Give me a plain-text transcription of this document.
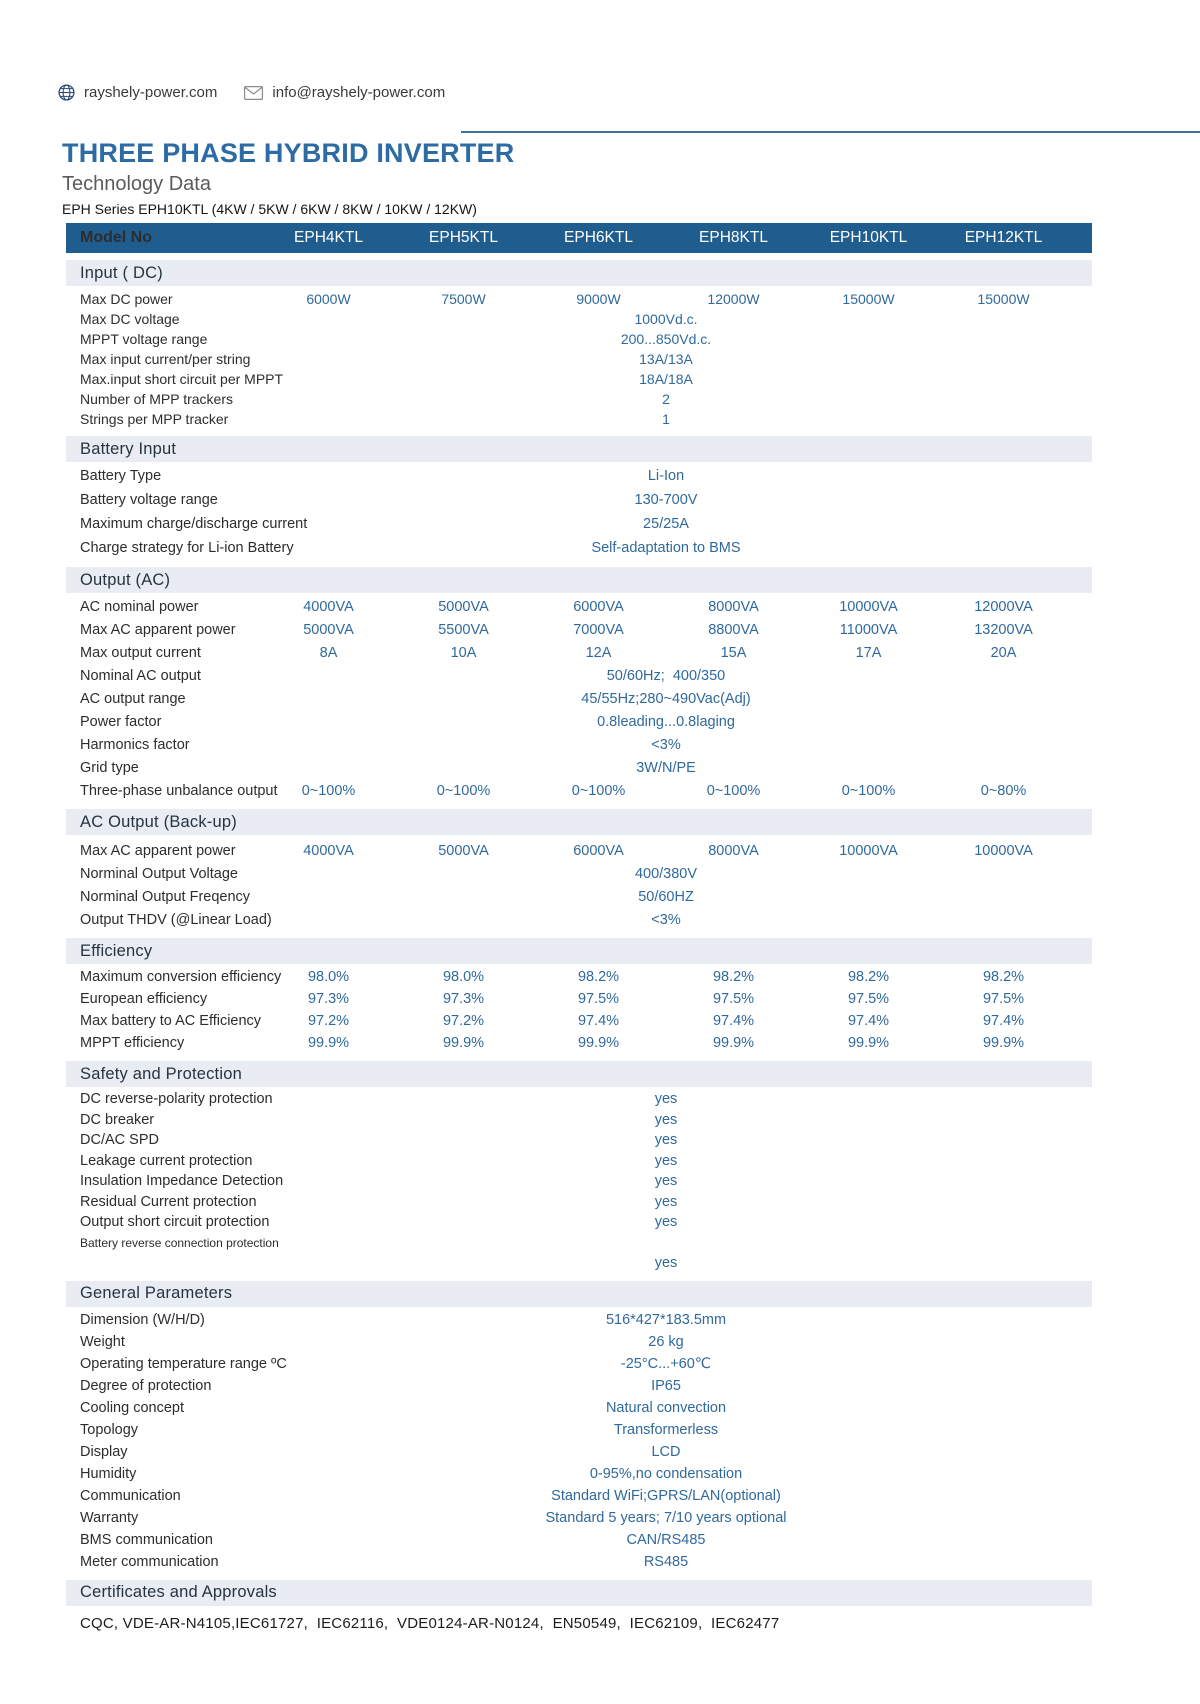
rayshely-power.com	info@rayshely-power.com
THREE PHASE HYBRID INVERTER
Technology Data
EPH Series EPH10KTL (4KW / 5KW / 6KW / 8KW / 10KW / 12KW)
Model No	EPH4KTL	EPH5KTL	EPH6KTL	EPH8KTL	EPH10KTL	EPH12KTL
Input ( DC)
Max DC power	6000W	7500W	9000W	12000W	15000W	15000W
Max DC voltage	1000Vd.c.
MPPT voltage range	200...850Vd.c.
Max input current/per string	13A/13A
Max.input short circuit per MPPT	18A/18A
Number of MPP trackers	2
Strings per MPP tracker	1
Battery Input
Battery Type	Li-Ion
Battery voltage range	130-700V
Maximum charge/discharge current	25/25A
Charge strategy for Li-ion Battery	Self-adaptation to BMS
Output (AC)
AC nominal power	4000VA	5000VA	6000VA	8000VA	10000VA	12000VA
Max AC apparent power	5000VA	5500VA	7000VA	8800VA	11000VA	13200VA
Max output current	8A	10A	12A	15A	17A	20A
Nominal AC output	50/60Hz;  400/350
AC output range	45/55Hz;280~490Vac(Adj)
Power factor	0.8leading...0.8laging
Harmonics factor	<3%
Grid type	3W/N/PE
Three-phase unbalance output	0~100%	0~100%	0~100%	0~100%	0~100%	0~80%
AC Output (Back-up)
Max AC apparent power	4000VA	5000VA	6000VA	8000VA	10000VA	10000VA
Norminal Output Voltage	400/380V
Norminal Output Freqency	50/60HZ
Output THDV (@Linear Load)	<3%
Efficiency
Maximum conversion efficiency	98.0%	98.0%	98.2%	98.2%	98.2%	98.2%
European efficiency	97.3%	97.3%	97.5%	97.5%	97.5%	97.5%
Max battery to AC Efficiency	97.2%	97.2%	97.4%	97.4%	97.4%	97.4%
MPPT efficiency	99.9%	99.9%	99.9%	99.9%	99.9%	99.9%
Safety and Protection
DC reverse-polarity protection	yes
DC breaker	yes
DC/AC SPD	yes
Leakage current protection	yes
Insulation Impedance Detection	yes
Residual Current protection	yes
Output short circuit protection	yes
Battery reverse connection protection
yes
General Parameters
Dimension (W/H/D)	516*427*183.5mm
Weight	26 kg
Operating temperature range ºC	-25°C...+60℃
Degree of protection	IP65
Cooling concept	Natural convection
Topology	Transformerless
Display	LCD
Humidity	0-95%,no condensation
Communication	Standard WiFi;GPRS/LAN(optional)
Warranty	Standard 5 years; 7/10 years optional
BMS communication	CAN/RS485
Meter communication	RS485
Certificates and Approvals
CQC, VDE-AR-N4105,IEC61727,  IEC62116,  VDE0124-AR-N0124,  EN50549,  IEC62109,  IEC62477
